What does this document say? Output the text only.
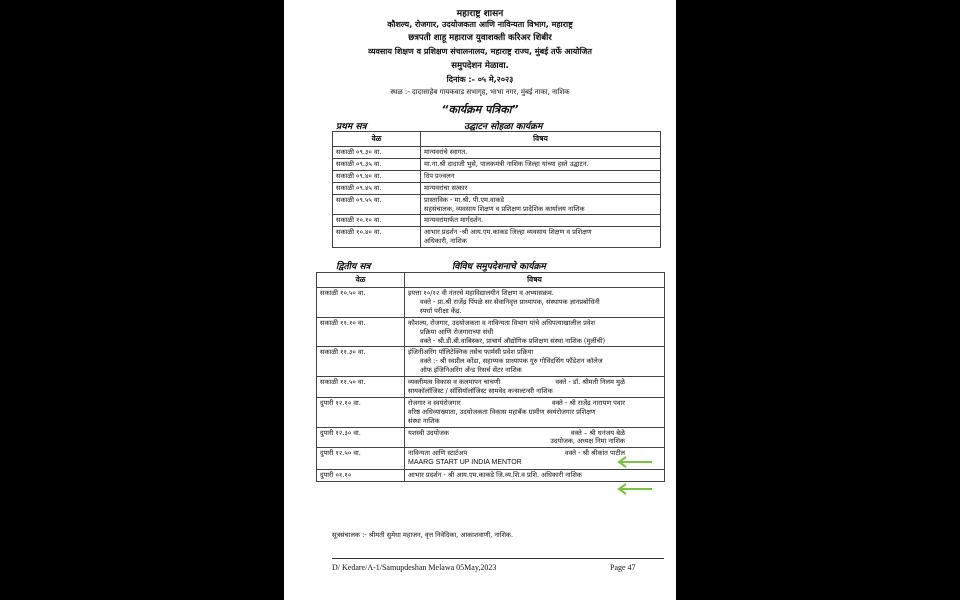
महाराष्ट्र शासन
कौशल्य, रोजगार, उदयोजकता आणि नाविन्यता विभाग, महाराष्ट्र
छत्रपती शाहू महाराज युवाशक्ती करिअर शिबीर
व्यवसाय शिक्षण व प्रशिक्षण संचालनालय, महाराष्ट्र राज्य, मुंबई तर्फे आयोजित
समुपदेशन मेळावा.
दिनांक :- ०५ मे,२०२३
स्थळ :- दादासाहेब गायकवाड सभागृह, भाभा नगर, मुंबई नाका, नाशिक
“कार्यक्रम पत्रिका”
प्रथम सत्र	उद्घाटन सोहळा कार्यक्रम
वेळ	विषय
सकाळी ०९.३० वा.	मान्यवरांचे स्वागत.

सकाळी ०९.३५ वा.	मा.ना.श्री दादाजी भुसे, पालकमंत्री नाशिक जिल्हा यांच्या हस्ते उद्घाटन.

सकाळी ०९.४० वा.	दिप प्रज्वलन

सकाळी ०९.४५ वा.	मान्यवरांचा सत्कार

सकाळी ०९.५५ वा.	प्रास्ताविक - मा.श्री. पी.एम.वाकडे
सहसंचालक, व्यवसाय शिक्षण व प्रशिक्षण प्रादेशिक कार्यालय नाशिक

सकाळी १०.१० वा.	मान्यवरांमार्फत मार्गदर्शन.

सकाळी १०.४० वा.	आभार प्रदर्शन -श्री आय.एम.काकड जिल्हा व्यवसाय शिक्षण व प्रशिक्षण
अधिकारी, नाशिक
द्वितीय सत्र	विविध समुपदेशनाचे कार्यक्रम
वेळ	विषय
सकाळी १०.५० वा.	इयत्ता १०/१२ वी नंतरचे महाविद्यालयीन शिक्षण व अभ्यासक्रम.
वक्ते - प्रा.श्री राजेंद्र पिंपळे सर सेवानिवृत्त प्राध्यापक, संस्थापक ज्ञानप्रबोधिनी
स्पर्धा परीक्षा केंद्र.

सकाळी ११.१० वा.	कौशल्य, रोजगार, उदयोजकता व नाविन्यता विभाग यांचे अधिपत्याखालील प्रवेश
प्रक्रिया आणि रोजगाराच्या संधी
वक्ते - श्री.डी.बी.वाबिस्कर, प्राचार्य औद्योगिक प्रशिक्षण संस्था नाशिक (मुलींची)

सकाळी ११.३० वा.	इंजिनीअरिंग पॉलिटेक्निक तसेच फार्मसी प्रवेश प्रक्रिया
वक्ते :- श्री स्वप्नील कोंडा, सहाय्यक प्राध्यापक गुरु गोविंदसिंग फौंडेशन कॉलेज
ऑफ इंजिनिअरिंग अँन्ड रिसर्च सेंटर नाशिक

सकाळी ११.५० वा.	व्यक्तीमत्व विकास व कलमापन चाचणी वक्ते - डॉ. श्रीमती निलम मुळे
सायकॉलॉजिस्ट / सॉसियॉलॉजिस्ट सामवेद कन्सल्टन्सी नाशिक

दुपारी १२.१० वा.	रोजगार व स्वयंरोजगार वक्ते - श्री राजेंद्र नारायण पवार
वरिष्ठ अधिव्याख्याता, उदयोजकता विकास महाबँक ग्रामीण स्वयंरोजगार प्रशिक्षण
संस्था नाशिक

दुपारी १२.३० वा.	यशस्वी उदयोजक वक्ते – श्री धनंजय बेळे
उदयोजक, अध्यक्ष निमा नाशिक

दुपारी १२.५० वा.	नाविन्यता आणि स्टार्टअप वक्ते - श्री श्रीकांत पाटील
MAARG START UP INDIA MENTOR

दुपारी ०१.१०	आभार प्रदर्शन - श्री आय.एम.काकडे जि.व्य.शि.व प्रशि. अधिकारी नाशिक
सूत्रसंचालक :- श्रीमती सुमेधा महाजन, वृत्त निवेदिका, आकाशवाणी, नाशिक.
D/ Kedare/A-1/Samupdeshan Melawa 05May,2023	Page 47
